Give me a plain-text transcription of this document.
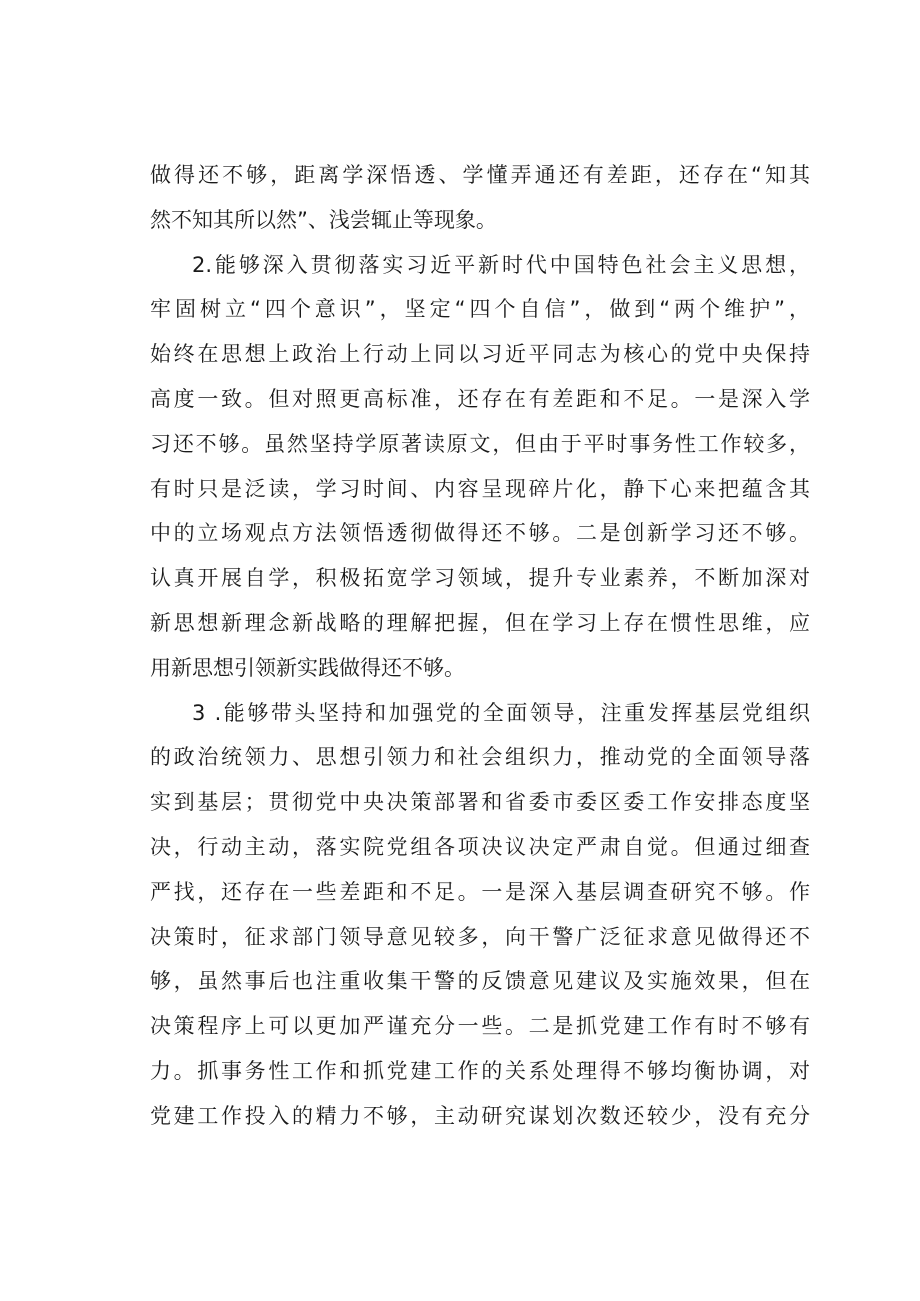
做得还不够，距离学深悟透、学懂弄通还有差距，还存在“知其
然不知其所以然”、浅尝辄止等现象。
2.能够深入贯彻落实习近平新时代中国特色社会主义思想，
牢固树立“四个意识”，坚定“四个自信”，做到“两个维护”，
始终在思想上政治上行动上同以习近平同志为核心的党中央保持
高度一致。但对照更高标准，还存在有差距和不足。一是深入学
习还不够。虽然坚持学原著读原文，但由于平时事务性工作较多，
有时只是泛读，学习时间、内容呈现碎片化，静下心来把蕴含其
中的立场观点方法领悟透彻做得还不够。二是创新学习还不够。
认真开展自学，积极拓宽学习领域，提升专业素养，不断加深对
新思想新理念新战略的理解把握，但在学习上存在惯性思维，应
用新思想引领新实践做得还不够。
3 .能够带头坚持和加强党的全面领导，注重发挥基层党组织
的政治统领力、思想引领力和社会组织力，推动党的全面领导落
实到基层；贯彻党中央决策部署和省委市委区委工作安排态度坚
决，行动主动，落实院党组各项决议决定严肃自觉。但通过细查
严找，还存在一些差距和不足。一是深入基层调查研究不够。作
决策时，征求部门领导意见较多，向干警广泛征求意见做得还不
够，虽然事后也注重收集干警的反馈意见建议及实施效果，但在
决策程序上可以更加严谨充分一些。二是抓党建工作有时不够有
力。抓事务性工作和抓党建工作的关系处理得不够均衡协调，对
党建工作投入的精力不够，主动研究谋划次数还较少，没有充分
